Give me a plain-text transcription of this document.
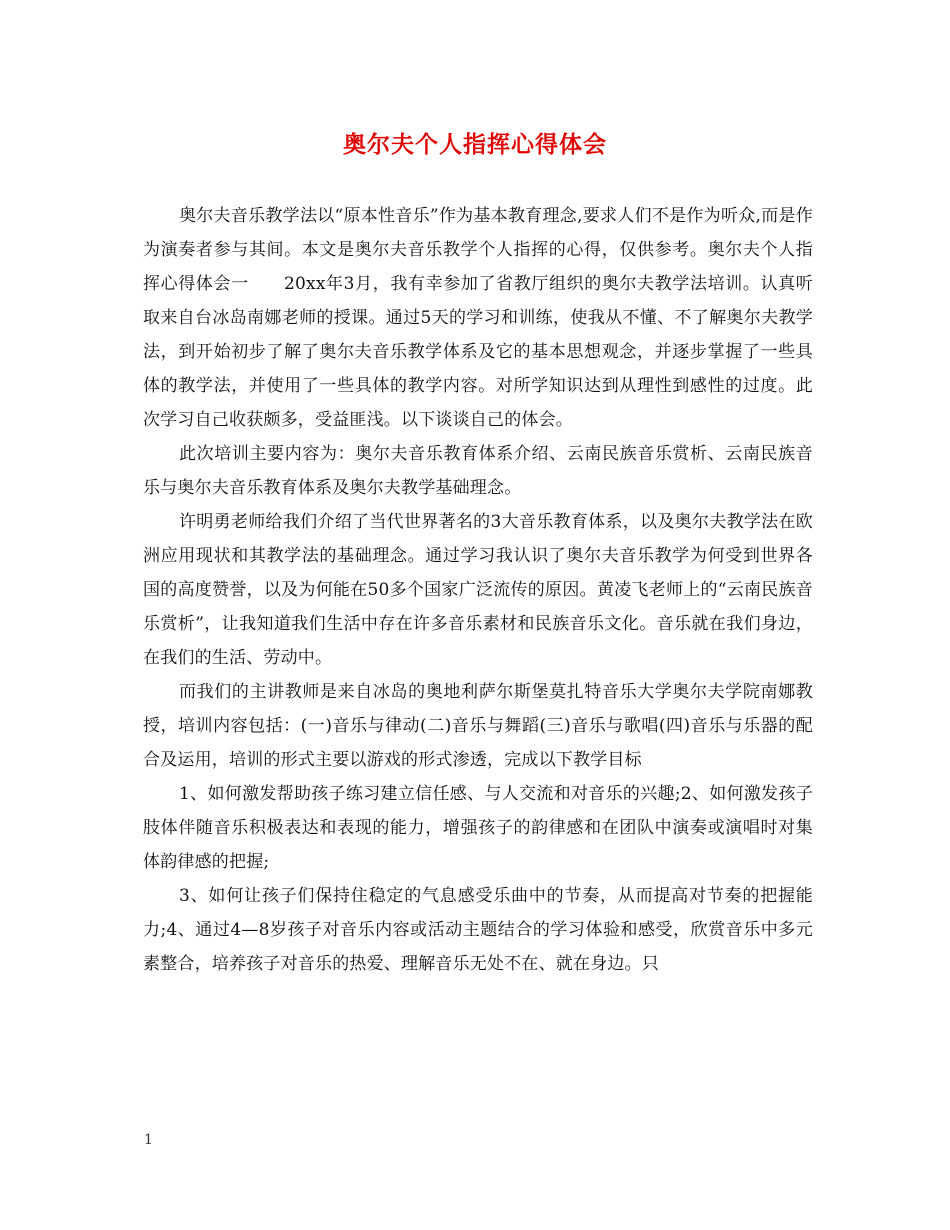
奥尔夫个人指挥心得体会

奥尔夫音乐教学法以“原本性音乐”作为基本教育理念,要求人们不是作为听众,而是作为演奏者参与其间。本文是奥尔夫音乐教学个人指挥的心得，仅供参考。奥尔夫个人指挥心得体会一　　20xx年3月，我有幸参加了省教厅组织的奥尔夫教学法培训。认真听取来自台冰岛南娜老师的授课。通过5天的学习和训练，使我从不懂、不了解奥尔夫教学法，到开始初步了解了奥尔夫音乐教学体系及它的基本思想观念，并逐步掌握了一些具体的教学法，并使用了一些具体的教学内容。对所学知识达到从理性到感性的过度。此次学习自己收获颇多，受益匪浅。以下谈谈自己的体会。

此次培训主要内容为：奥尔夫音乐教育体系介绍、云南民族音乐赏析、云南民族音乐与奥尔夫音乐教育体系及奥尔夫教学基础理念。

许明勇老师给我们介绍了当代世界著名的3大音乐教育体系，以及奥尔夫教学法在欧洲应用现状和其教学法的基础理念。通过学习我认识了奥尔夫音乐教学为何受到世界各国的高度赞誉，以及为何能在50多个国家广泛流传的原因。黄凌飞老师上的“云南民族音乐赏析”，让我知道我们生活中存在许多音乐素材和民族音乐文化。音乐就在我们身边，在我们的生活、劳动中。

而我们的主讲教师是来自冰岛的奥地利萨尔斯堡莫扎特音乐大学奥尔夫学院南娜教授，培训内容包括：(一)音乐与律动(二)音乐与舞蹈(三)音乐与歌唱(四)音乐与乐器的配合及运用，培训的形式主要以游戏的形式渗透，完成以下教学目标

1、如何激发帮助孩子练习建立信任感、与人交流和对音乐的兴趣;2、如何激发孩子肢体伴随音乐积极表达和表现的能力，增强孩子的韵律感和在团队中演奏或演唱时对集体韵律感的把握;

3、如何让孩子们保持住稳定的气息感受乐曲中的节奏，从而提高对节奏的把握能力;4、通过4—8岁孩子对音乐内容或活动主题结合的学习体验和感受，欣赏音乐中多元素整合，培养孩子对音乐的热爱、理解音乐无处不在、就在身边。只

1
